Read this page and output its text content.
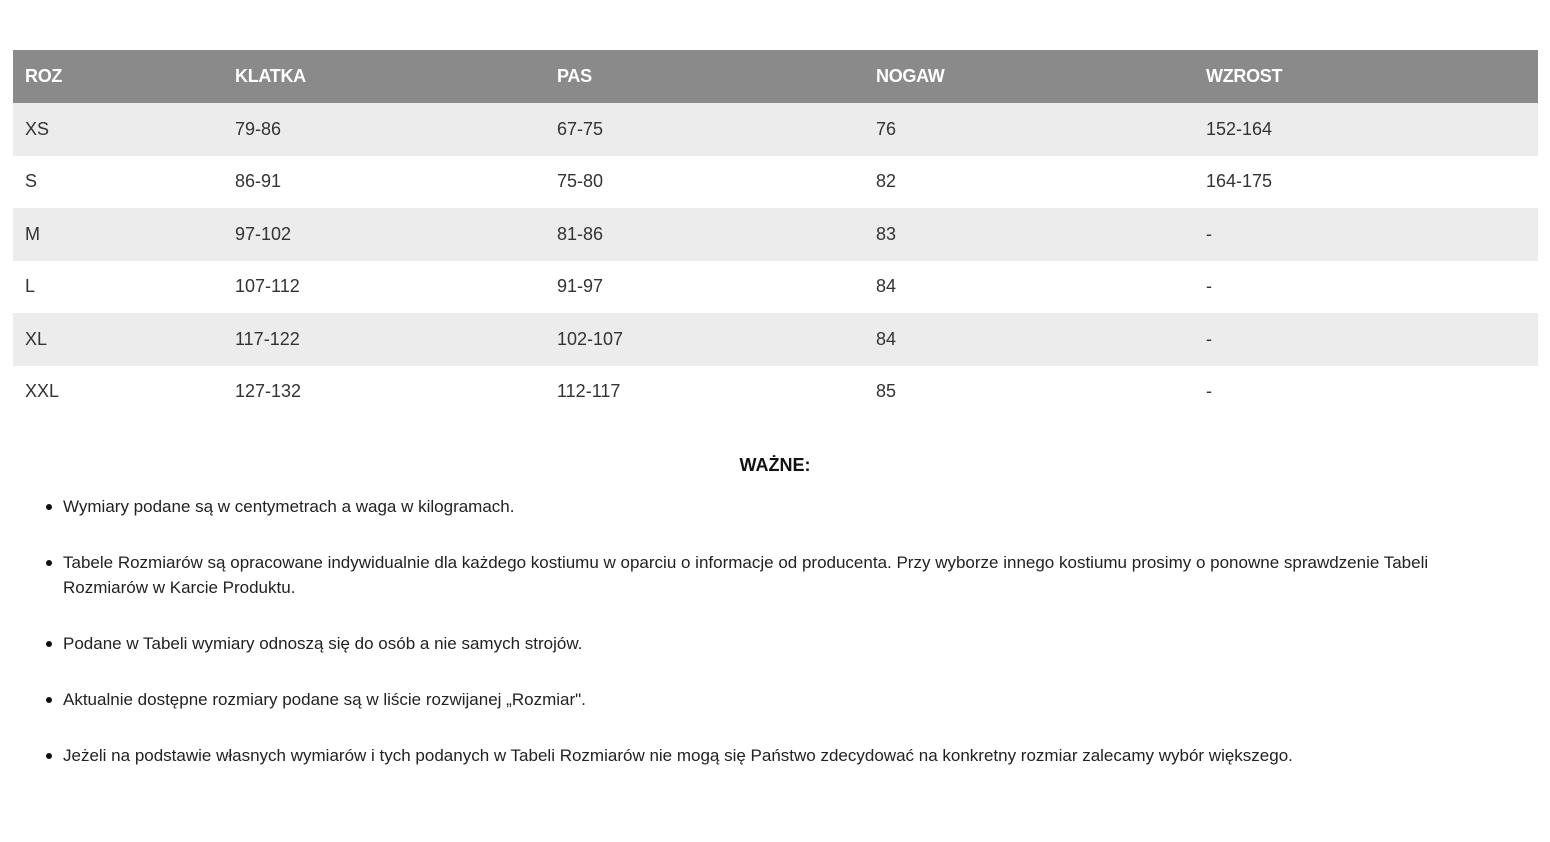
ROZ	KLATKA	PAS	NOGAW	WZROST
XS	79-86	67-75	76	152-164
S	86-91	75-80	82	164-175
M	97-102	81-86	83	-
L	107-112	91-97	84	-
XL	117-122	102-107	84	-
XXL	127-132	112-117	85	-
WAŻNE:
Wymiary podane są w centymetrach a waga w kilogramach.
Tabele Rozmiarów są opracowane indywidualnie dla każdego kostiumu w oparciu o informacje od producenta. Przy wyborze innego kostiumu prosimy o ponowne sprawdzenie Tabeli Rozmiarów w Karcie Produktu.
Podane w Tabeli wymiary odnoszą się do osób a nie samych strojów.
Aktualnie dostępne rozmiary podane są w liście rozwijanej „Rozmiar".
Jeżeli na podstawie własnych wymiarów i tych podanych w Tabeli Rozmiarów nie mogą się Państwo zdecydować na konkretny rozmiar zalecamy wybór większego.
